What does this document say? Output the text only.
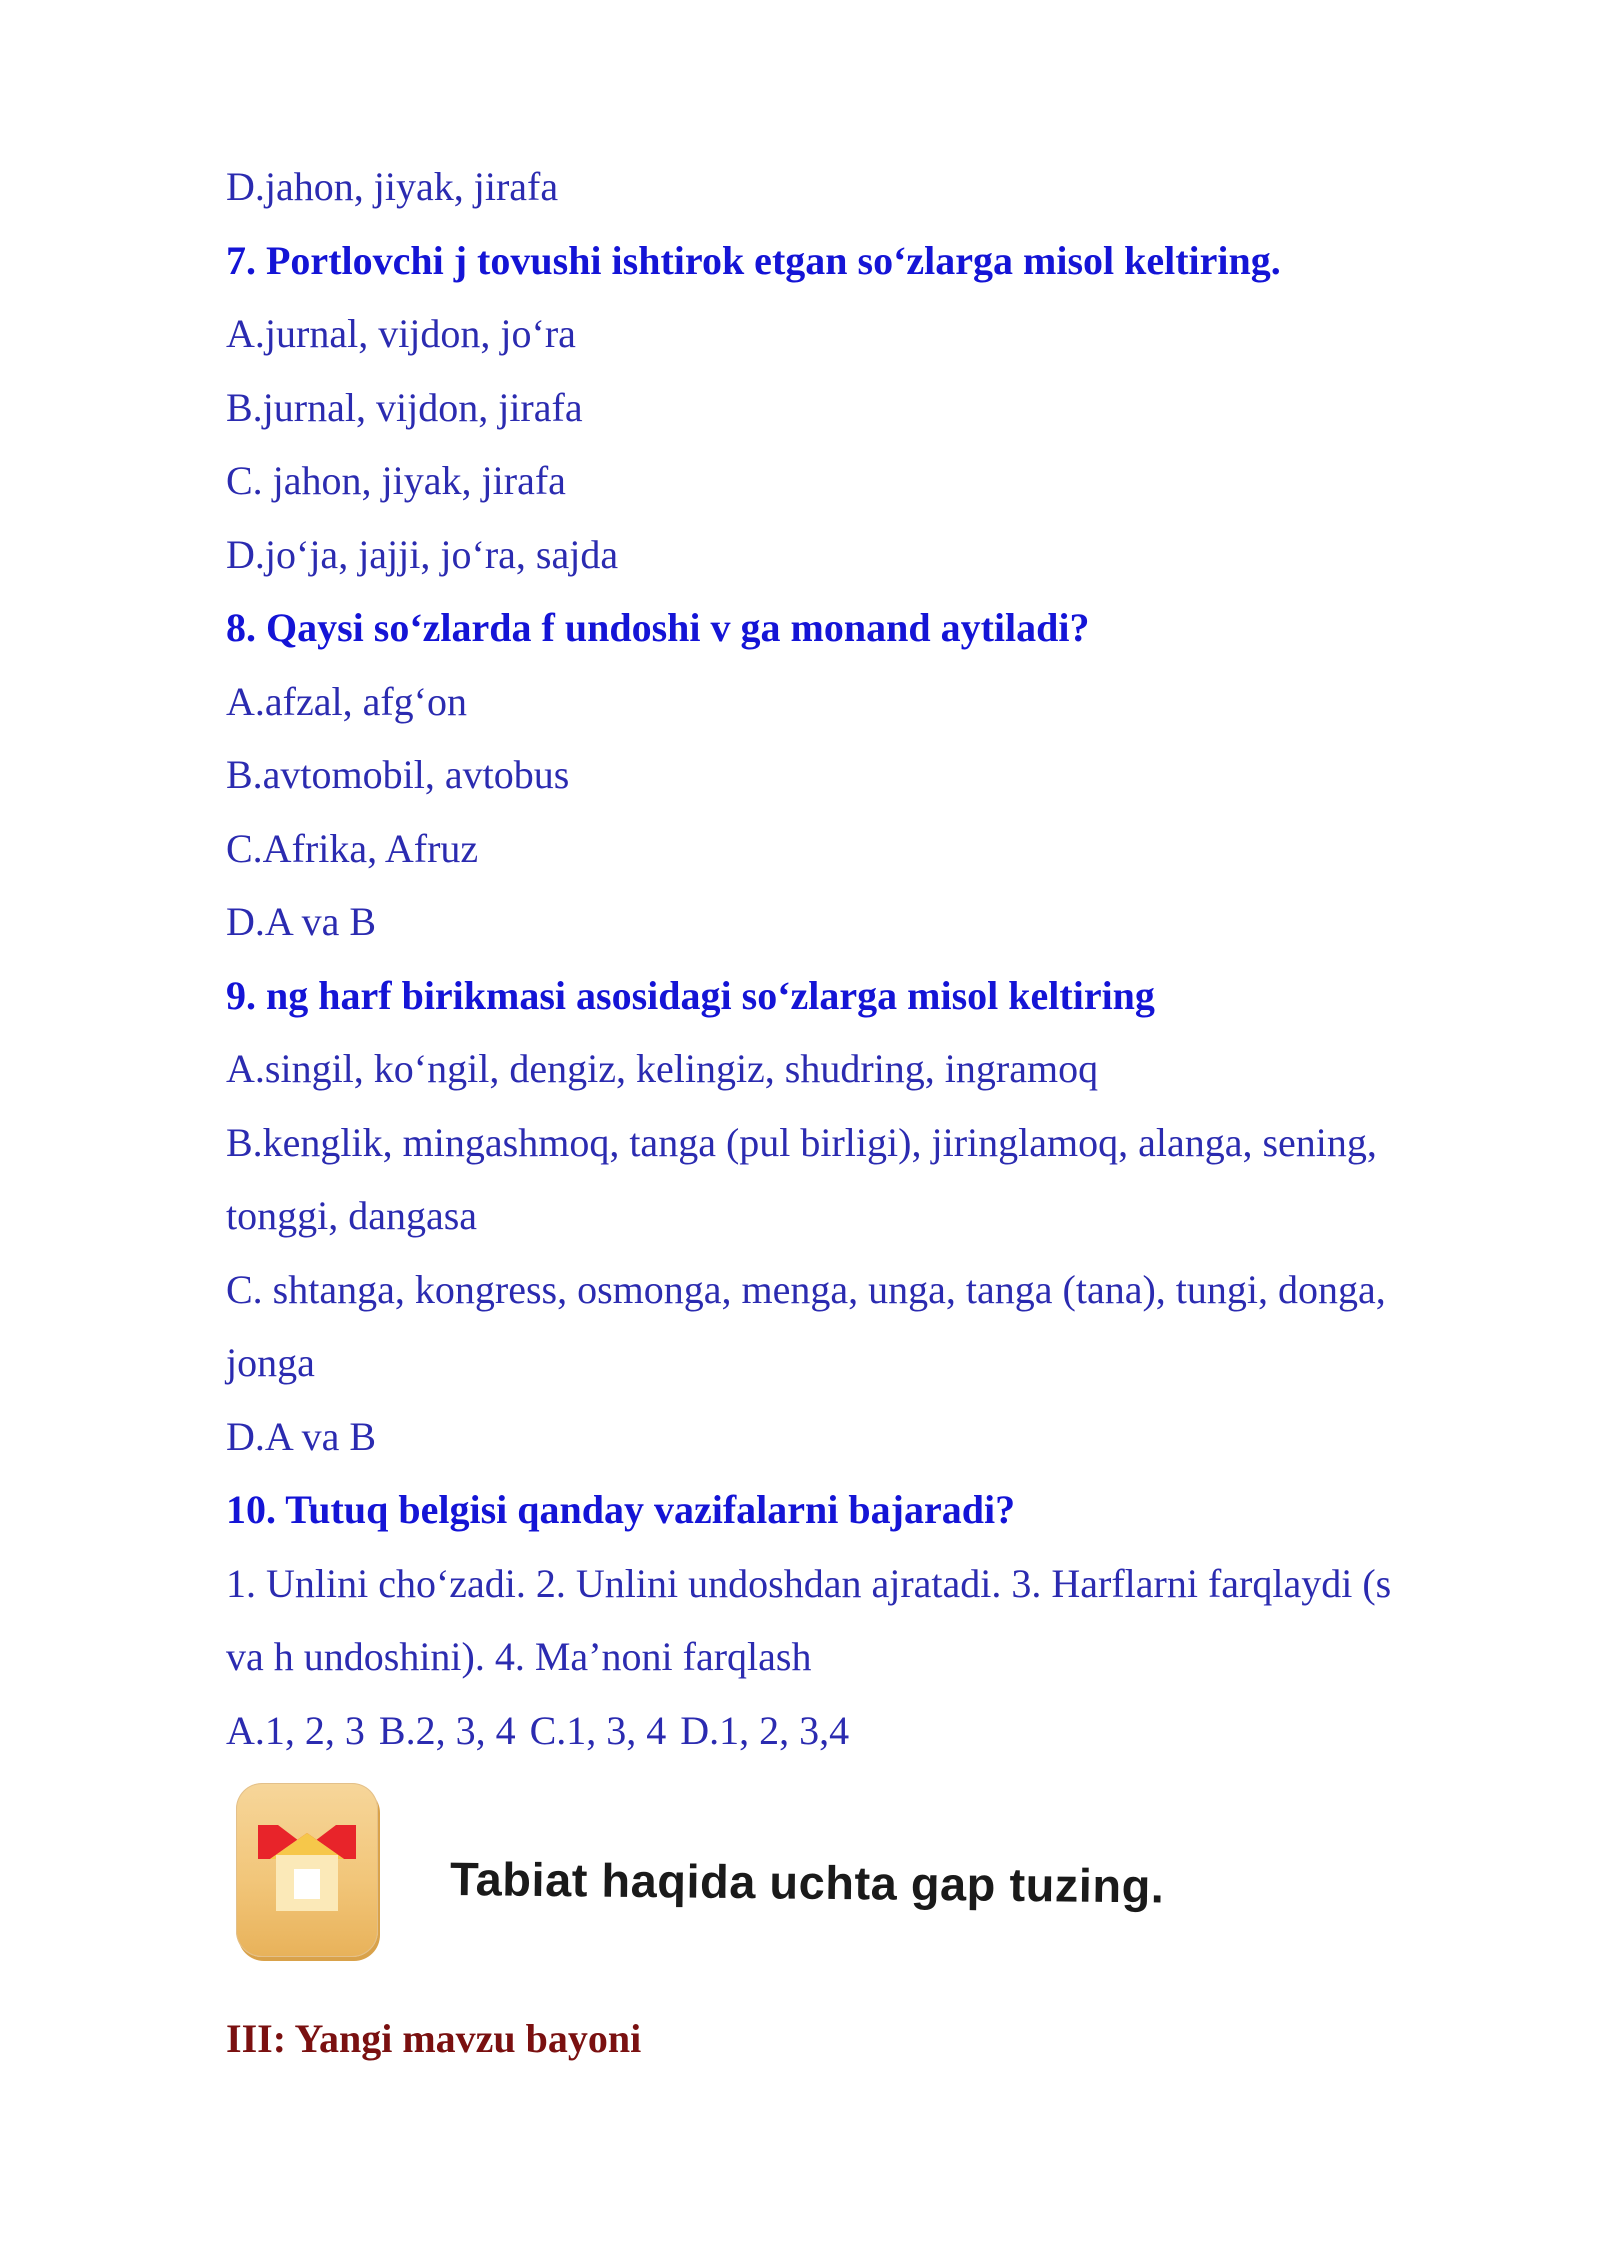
D.jahon, jiyak, jirafa
7. Portlovchi j tovushi ishtirok etgan so‘zlarga misol keltiring.
A.jurnal, vijdon, jo‘ra
B.jurnal, vijdon, jirafa
C. jahon, jiyak, jirafa
D.jo‘ja, jajji, jo‘ra, sajda
8. Qaysi so‘zlarda f undoshi v ga monand aytiladi?
A.afzal, afg‘on
B.avtomobil, avtobus
C.Afrika, Afruz
D.A va B
9. ng harf birikmasi asosidagi so‘zlarga misol keltiring
A.singil, ko‘ngil, dengiz, kelingiz, shudring, ingramoq
B.kenglik, mingashmoq, tanga (pul birligi), jiringlamoq, alanga, sening,
tonggi, dangasa
C. shtanga, kongress, osmonga, menga, unga, tanga (tana), tungi, donga,
jonga
D.A va B
10. Tutuq belgisi qanday vazifalarni bajaradi?
1. Unlini cho‘zadi. 2. Unlini undoshdan ajratadi. 3. Harflarni farqlaydi (s
va h undoshini). 4. Ma’noni farqlash
A.1, 2, 3 B.2, 3, 4 C.1, 3, 4 D.1, 2, 3,4
Tabiat haqida uchta gap tuzing.
III: Yangi mavzu bayoni
